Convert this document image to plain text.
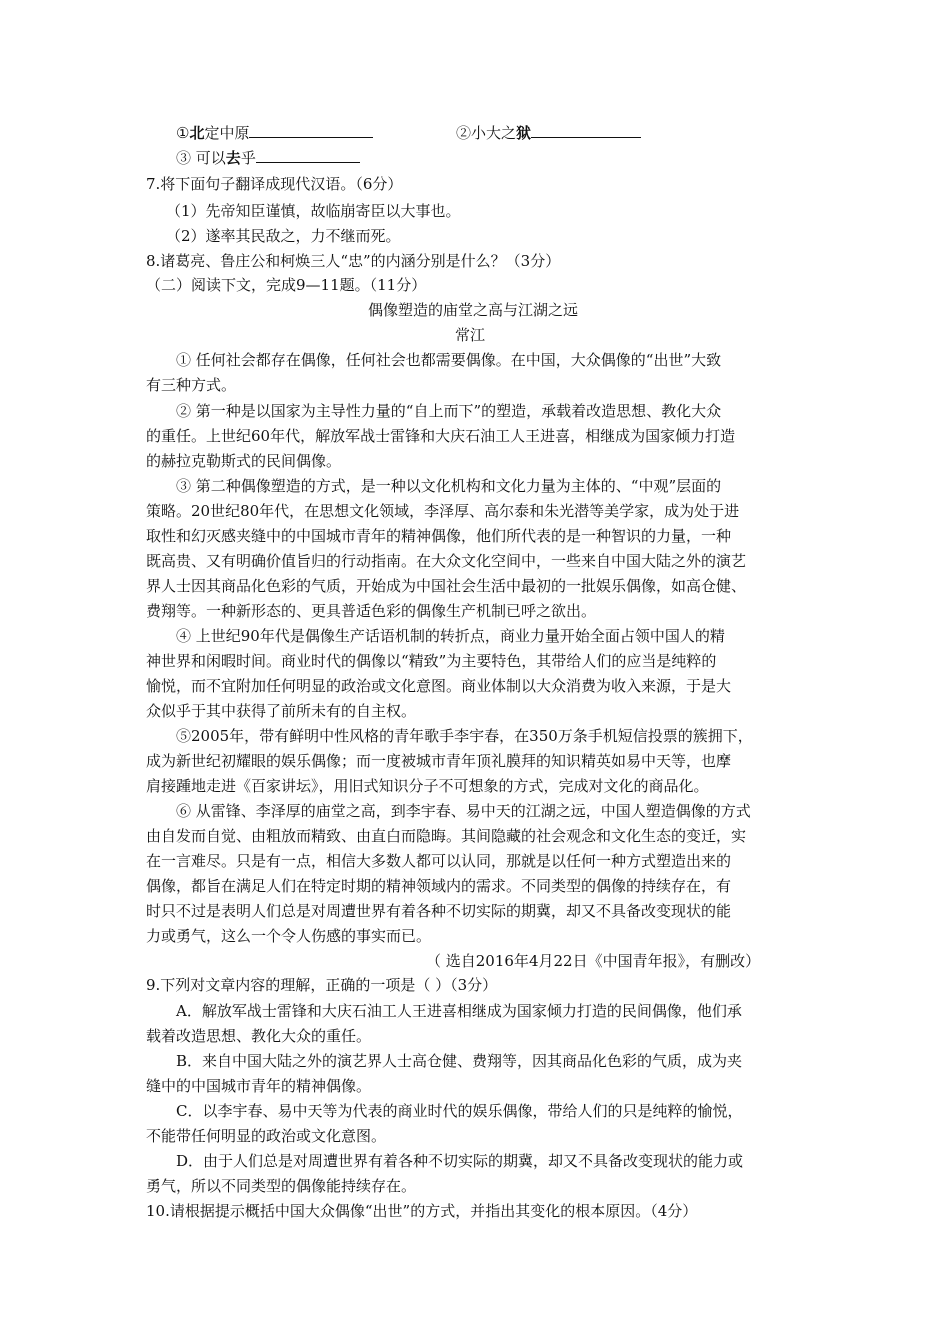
①北定中原	②小大之狱
③ 可以去乎
7.将下面句子翻译成现代汉语。（6分）
（1）先帝知臣谨慎，故临崩寄臣以大事也。
（2）遂率其民敌之，力不继而死。
8.诸葛亮、鲁庄公和柯焕三人“忠”的内涵分别是什么？（3分）
（二）阅读下文，完成9—11题。（11分）
偶像塑造的庙堂之高与江湖之远
常江
① 任何社会都存在偶像，任何社会也都需要偶像。在中国，大众偶像的“出世”大致
有三种方式。
② 第一种是以国家为主导性力量的“自上而下”的塑造，承载着改造思想、教化大众
的重任。上世纪60年代，解放军战士雷锋和大庆石油工人王进喜，相继成为国家倾力打造
的赫拉克勒斯式的民间偶像。
③ 第二种偶像塑造的方式，是一种以文化机构和文化力量为主体的、“中观”层面的
策略。20世纪80年代，在思想文化领域，李泽厚、高尔泰和朱光潜等美学家，成为处于进
取性和幻灭感夹缝中的中国城市青年的精神偶像，他们所代表的是一种智识的力量，一种
既高贵、又有明确价值旨归的行动指南。在大众文化空间中，一些来自中国大陆之外的演艺
界人士因其商品化色彩的气质，开始成为中国社会生活中最初的一批娱乐偶像，如高仓健、
费翔等。一种新形态的、更具普适色彩的偶像生产机制已呼之欲出。
④ 上世纪90年代是偶像生产话语机制的转折点，商业力量开始全面占领中国人的精
神世界和闲暇时间。商业时代的偶像以“精致”为主要特色，其带给人们的应当是纯粹的
愉悦，而不宜附加任何明显的政治或文化意图。商业体制以大众消费为收入来源，于是大
众似乎于其中获得了前所未有的自主权。
⑤2005年，带有鲜明中性风格的青年歌手李宇春，在350万条手机短信投票的簇拥下，
成为新世纪初耀眼的娱乐偶像；而一度被城市青年顶礼膜拜的知识精英如易中天等，也摩
肩接踵地走进《百家讲坛》，用旧式知识分子不可想象的方式，完成对文化的商品化。
⑥ 从雷锋、李泽厚的庙堂之高，到李宇春、易中天的江湖之远，中国人塑造偶像的方式
由自发而自觉、由粗放而精致、由直白而隐晦。其间隐藏的社会观念和文化生态的变迁，实
在一言难尽。只是有一点，相信大多数人都可以认同，那就是以任何一种方式塑造出来的
偶像，都旨在满足人们在特定时期的精神领域内的需求。不同类型的偶像的持续存在，有
时只不过是表明人们总是对周遭世界有着各种不切实际的期冀，却又不具备改变现状的能
力或勇气，这么一个令人伤感的事实而已。
（ 选自2016年4月22日《中国青年报》，有删改）
9.下列对文章内容的理解，正确的一项是（ ）（3分）
A．解放军战士雷锋和大庆石油工人王进喜相继成为国家倾力打造的民间偶像，他们承
载着改造思想、教化大众的重任。
B．来自中国大陆之外的演艺界人士高仓健、费翔等，因其商品化色彩的气质，成为夹
缝中的中国城市青年的精神偶像。
C．以李宇春、易中天等为代表的商业时代的娱乐偶像，带给人们的只是纯粹的愉悦，
不能带任何明显的政治或文化意图。
D．由于人们总是对周遭世界有着各种不切实际的期冀，却又不具备改变现状的能力或
勇气，所以不同类型的偶像能持续存在。
10.请根据提示概括中国大众偶像“出世”的方式，并指出其变化的根本原因。（4分）
